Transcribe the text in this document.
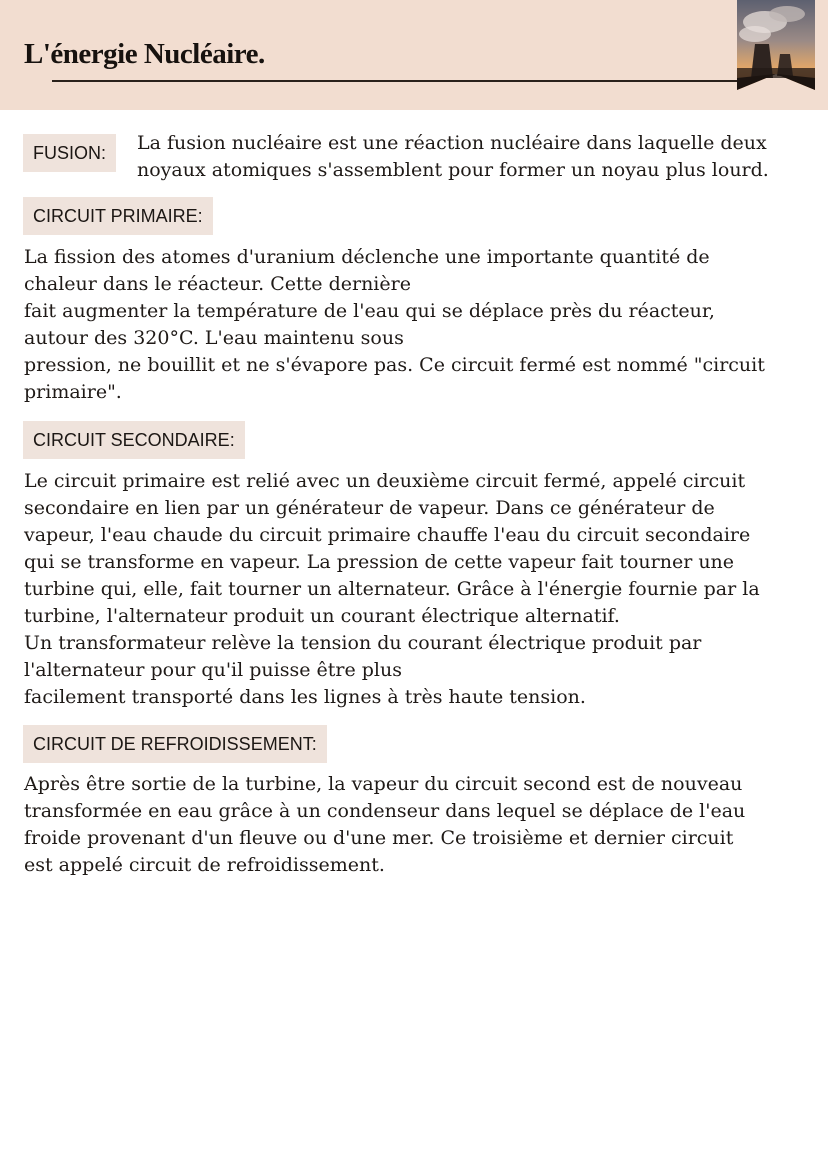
L'énergie Nucléaire.
FUSION:	La fusion nucléaire est une réaction nucléaire dans laquelle deux

noyaux atomiques s'assemblent pour former un noyau plus lourd.

CIRCUIT PRIMAIRE:

La fission des atomes d'uranium déclenche une importante quantité de

chaleur dans le réacteur. Cette dernière

fait augmenter la température de l'eau qui se déplace près du réacteur,

autour des 320°C. L'eau maintenu sous

pression, ne bouillit et ne s'évapore pas. Ce circuit fermé est nommé "circuit

primaire".

CIRCUIT SECONDAIRE:

Le circuit primaire est relié avec un deuxième circuit fermé, appelé circuit

secondaire en lien par un générateur de vapeur. Dans ce générateur de

vapeur, l'eau chaude du circuit primaire chauffe l'eau du circuit secondaire

qui se transforme en vapeur. La pression de cette vapeur fait tourner une

turbine qui, elle, fait tourner un alternateur. Grâce à l'énergie fournie par la

turbine, l'alternateur produit un courant électrique alternatif.

Un transformateur relève la tension du courant électrique produit par

l'alternateur pour qu'il puisse être plus

facilement transporté dans les lignes à très haute tension.

CIRCUIT DE REFROIDISSEMENT:

Après être sortie de la turbine, la vapeur du circuit second est de nouveau

transformée en eau grâce à un condenseur dans lequel se déplace de l'eau

froide provenant d'un fleuve ou d'une mer. Ce troisième et dernier circuit

est appelé circuit de refroidissement.
